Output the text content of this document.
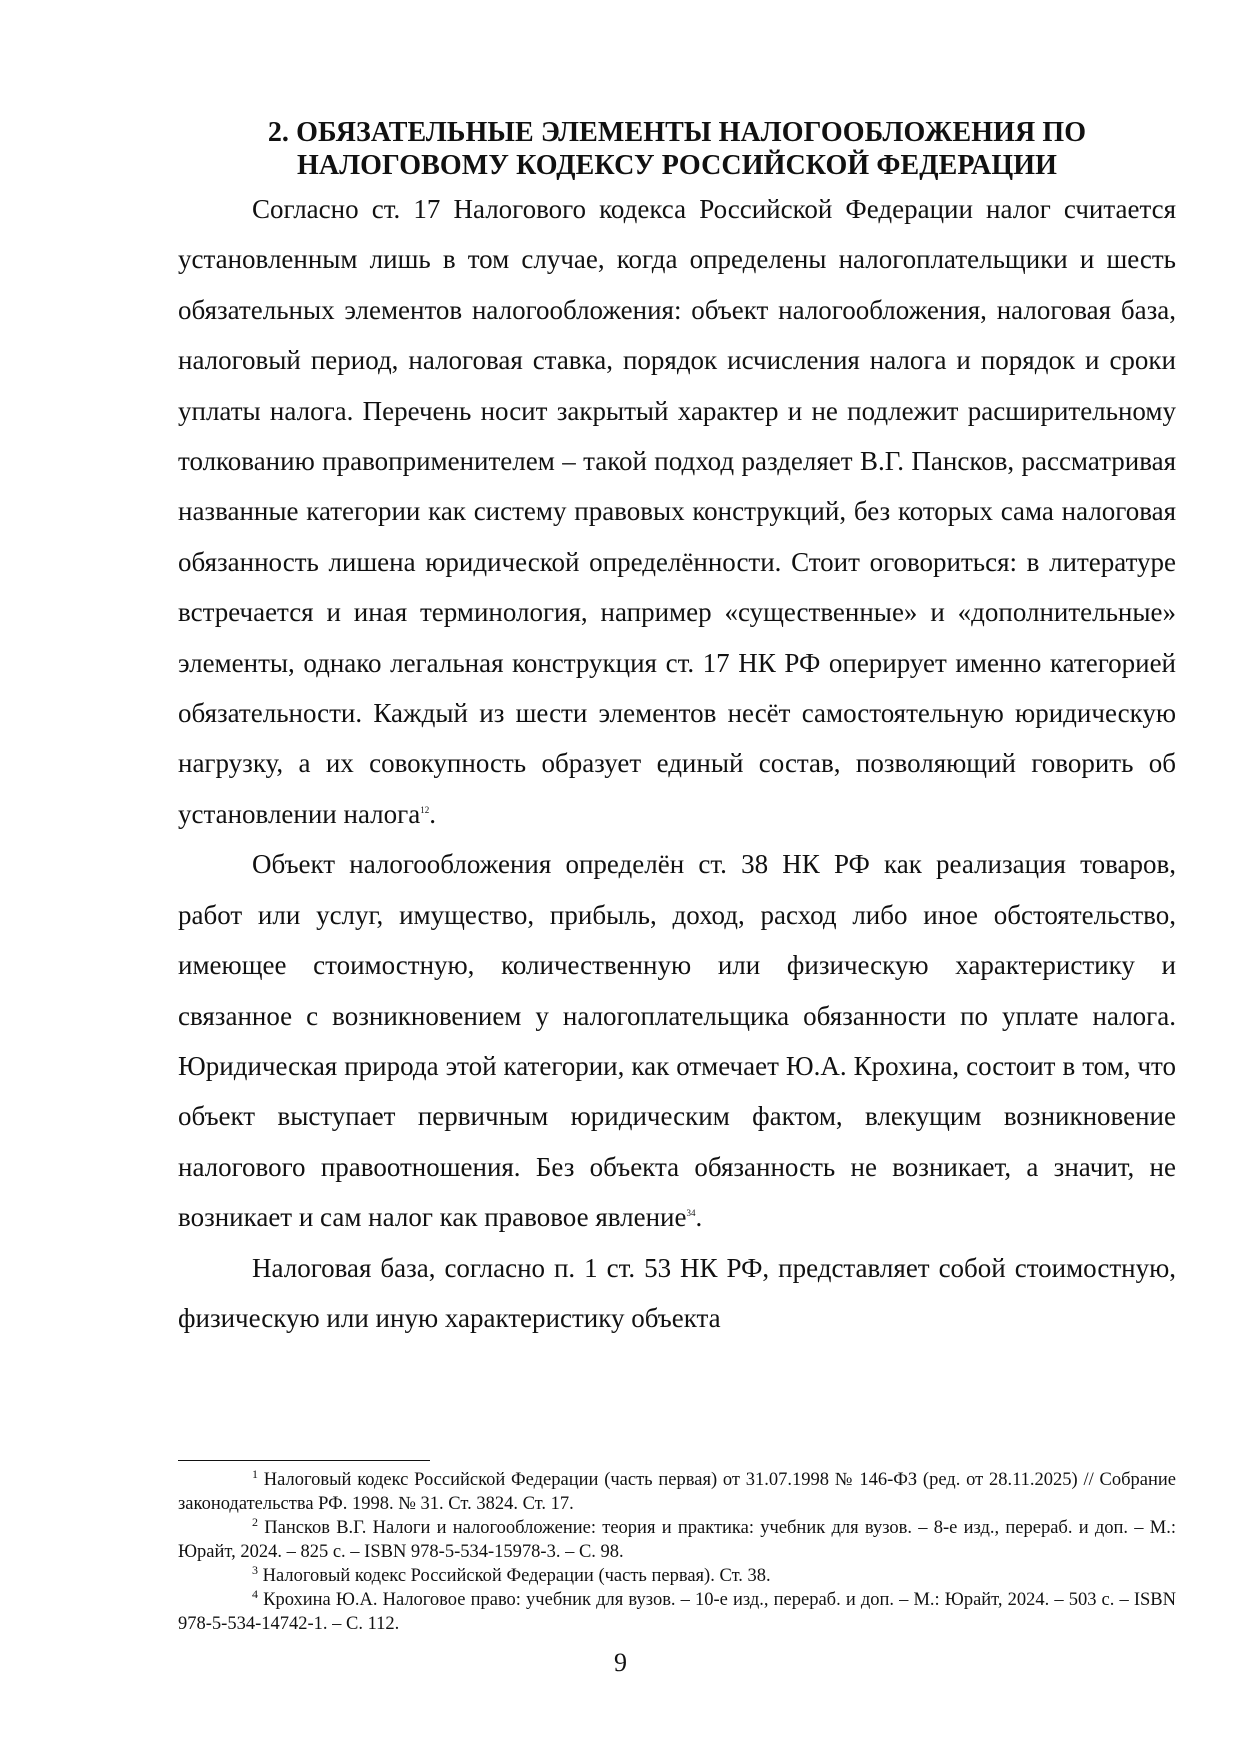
2. ОБЯЗАТЕЛЬНЫЕ ЭЛЕМЕНТЫ НАЛОГООБЛОЖЕНИЯ ПО
НАЛОГОВОМУ КОДЕКСУ РОССИЙСКОЙ ФЕДЕРАЦИИ

Согласно ст. 17 Налогового кодекса Российской Федерации налог считается установленным лишь в том случае, когда определены налогоплательщики и шесть обязательных элементов налогообложения: объект налогообложения, налоговая база, налоговый период, налоговая ставка, порядок исчисления налога и порядок и сроки уплаты налога. Перечень носит закрытый характер и не подлежит расширительному толкованию правоприменителем – такой подход разделяет В.Г. Пансков, рассматривая названные категории как систему правовых конструкций, без которых сама налоговая обязанность лишена юридической определённости. Стоит оговориться: в литературе встречается и иная терминология, например «существенные» и «дополнительные» элементы, однако легальная конструкция ст. 17 НК РФ оперирует именно категорией обязательности. Каждый из шести элементов несёт самостоятельную юридическую нагрузку, а их совокупность образует единый состав, позволяющий говорить об установлении налога$^{12}$.

Объект налогообложения определён ст. 38 НК РФ как реализация товаров, работ или услуг, имущество, прибыль, доход, расход либо иное обстоятельство, имеющее стоимостную, количественную или физическую характеристику и связанное с возникновением у налогоплательщика обязанности по уплате налога. Юридическая природа этой категории, как отмечает Ю.А. Крохина, состоит в том, что объект выступает первичным юридическим фактом, влекущим возникновение налогового правоотношения. Без объекта обязанность не возникает, а значит, не возникает и сам налог как правовое явление$^{34}$.

Налоговая база, согласно п. 1 ст. 53 НК РФ, представляет собой стоимостную, физическую или иную характеристику объекта

$^1$ Налоговый кодекс Российской Федерации (часть первая) от 31.07.1998 № 146-ФЗ (ред. от 28.11.2025) // Собрание законодательства РФ. 1998. № 31. Ст. 3824. Ст. 17.

$^2$ Пансков В.Г. Налоги и налогообложение: теория и практика: учебник для вузов. – 8-е изд., перераб. и доп. – М.: Юрайт, 2024. – 825 с. – ISBN 978-5-534-15978-3. – С. 98.

$^3$ Налоговый кодекс Российской Федерации (часть первая). Ст. 38.

$^4$ Крохина Ю.А. Налоговое право: учебник для вузов. – 10-е изд., перераб. и доп. – М.: Юрайт, 2024. – 503 с. – ISBN 978-5-534-14742-1. – С. 112.

9
